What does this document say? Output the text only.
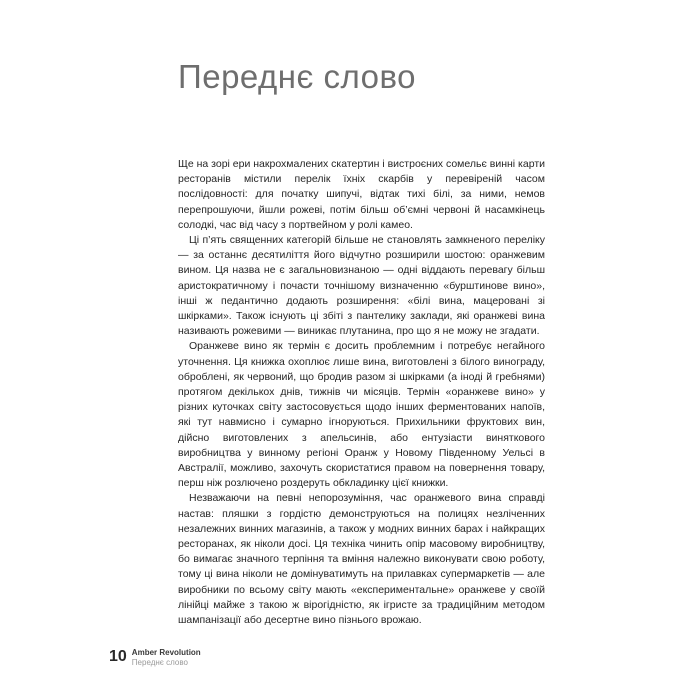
Переднє слово

Ще на зорі ери накрохмалених скатертин і вистроєних сомельє винні карти ресторанів містили перелік їхніх скарбів у перевіреній часом послідовності: для початку шипучі, відтак тихі білі, за ними, немов перепрошуючи, йшли рожеві, потім більш об’ємні червоні й насамкінець солодкі, час від часу з портвейном у ролі камео.

Ці п’ять священних категорій більше не становлять замкненого переліку — за останнє десятиліття його відчутно розширили шостою: оранжевим вином. Ця назва не є загальновизнаною — одні віддають перевагу більш аристократичному і почасти точнішому визначенню «бурштинове вино», інші ж педантично додають розширення: «білі вина, мацеровані зі шкірками». Також існують ці збіті з пантелику заклади, які оранжеві вина називають рожевими — виникає плутанина, про що я не можу не згадати.

Оранжеве вино як термін є досить проблемним і потребує негайного уточнення. Ця книжка охоплює лише вина, виготовлені з білого винограду, оброблені, як червоний, що бродив разом зі шкірками (а іноді й гребнями) протягом декількох днів, тижнів чи місяців. Термін «оранжеве вино» у різних куточках світу застосовується щодо інших ферментованих напоїв, які тут навмисно і сумарно ігноруються. Прихильники фруктових вин, дійсно виготовлених з апельсинів, або ентузіасти виняткового виробництва у винному регіоні Оранж у Новому Південному Уельсі в Австралії, можливо, захочуть скористатися правом на повернення товару, перш ніж розлючено роздеруть обкладинку цієї книжки.

Незважаючи на певні непорозуміння, час оранжевого вина справді настав: пляшки з гордістю демонструються на полицях незліченних незалежних винних магазинів, а також у модних винних барах і найкращих ресторанах, як ніколи досі. Ця техніка чинить опір масовому виробництву, бо вимагає значного терпіння та вміння належно виконувати свою роботу, тому ці вина ніколи не домінуватимуть на прилавках супермаркетів — але виробники по всьому світу мають «експериментальне» оранжеве у своїй лінійці майже з такою ж вірогідністю, як ігристе за традиційним методом шампанізації або десертне вино пізнього врожаю.

10 Amber Revolution
Переднє слово
